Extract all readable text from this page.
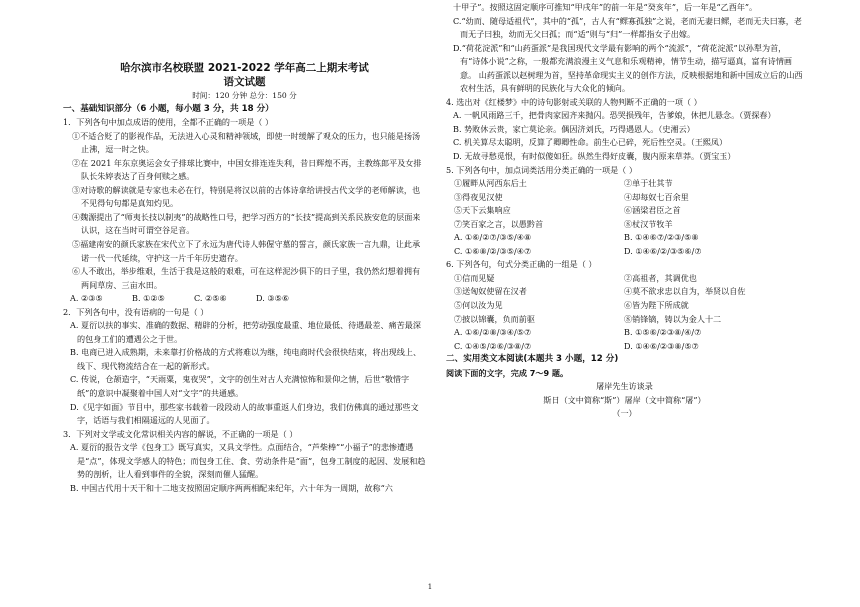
哈尔滨市名校联盟 2021-2022 学年高二上期末考试
语文试题
时间：120 分钟 总分：150 分
一、基础知识部分（6 小题，每小题 3 分，共 18 分）
1．下列各句中加点成语的使用，全都不正确的一项是（ ）
①不适合贬了的影视作品，无法进入心灵和精神领域，即使一时缓解了观众的压力，也只能是扬汤止沸，逗一时之快。
②在 2021 年东京奥运会女子排球比赛中，中国女排连连失利，昔日辉煌不再，主教练郎平及女排队长朱婷表达了百身何赎之感。
③对诗歌的解读就是专家也未必在行，特别是将汉以前的古体诗拿给讲授古代文学的老师解读，也不见得句句都是真知灼见。
④魏源提出了“师夷长技以制夷”的战略性口号，把学习西方的“长技”提高到关系民族安危的层面来认识，这在当时可谓空谷足音。
⑤福建南安的颜氏家族在宋代立下了永远为唐代诗人韩偓守墓的誓言，颜氏家族一言九鼎，让此承诺一代一代延续，守护这一片千年历史遗存。
⑥人不敢出，举步维艰，生活于我是这般的艰难，可在这样泥沙俱下的日子里，我仍然幻想着拥有两间草房、三亩水田。
A. ②③⑤	B. ①②⑤	C. ②⑤⑥	D. ③⑤⑥
2．下列各句中，没有语病的一句是（ ）
A. 夏衍以扶的事实、准确的数据、精辟的分析，把劳动强度最重、地位最低、待遇最差、痛苦最深的包身工们的遭遇公之于世。
B. 电商已进入成熟期，未来靠打价格战的方式将难以为继，纯电商时代会很快结束，将出现线上、线下、现代物流结合在一起的新形式。
C. 传说，仓颉造字，“天雨粟，鬼夜哭”，文字的创生对古人充满惊怖和景仰之情，后世“敬惜字纸”的意识中凝聚着中国人对“文字”的共通感。
D.《见字如面》节目中，那些家书载着一段段动人的故事重返人们身边，我们仿佛真的通过那些文字，话语与我们相隔遥远的人见面了。
3．下列对文学或文化常识相关内容的解说，不正确的一项是（ ）
A. 夏衍的报告文学《包身工》既写真实，又具文学性。点面结合，“芦柴棒”“小福子”的悲惨遭遇是“点”，体现文学感人的特色；而包身工住、食、劳动条件是“面”，包身工制度的起因、发展和趋势的剖析，让人看到事件的全貌，深刻而催人猛醒。
B. 中国古代用十天干和十二地支按照固定顺序两两相配来纪年，六十年为一周期，故称“六
十甲子”。按照这固定顺序可推知“甲戌年”的前一年是“癸亥年”，后一年是“乙酉年”。
C.“幼而、随母适祖代”，其中的“孤”，古人有“鳏寡孤独”之说，老而无妻曰鳏，老而无夫曰寡，老而无子曰独，幼而无父曰孤；而“适”则与“归”一样都指女子出嫁。
D.“荷花淀派”和“山药蛋派”是我国现代文学最有影响的两个“流派”，“荷花淀派”以孙犁为首，有“诗体小说”之称，一般都充满浪漫主义气息和乐观精神，情节生动，描写逼真，富有诗情画意。 山药蛋派以赵树理为首，坚持革命现实主义的创作方法，反映根据地和新中国成立后的山西农村生活，具有鲜明的民族化与大众化的倾向。
4. 选出对《红楼梦》中的诗句影射或关联的人物判断不正确的一项（ ）
A. 一帆风雨路三千，把骨肉家园齐来抛闪。恐哭损残年，告爹娘，休把儿悬念。（贾探春）
B. 势败休云贵，家亡莫论亲。偶因济刘氏，巧得遇恩人。（史湘云）
C. 机关算尽太聪明，反算了卿卿性命。前生心已碎，死后性空灵。（王熙凤）
D. 无故寻愁觅恨，有时似傻如狂。纵然生得好皮囊，腹内原来草莽。（贾宝玉）
5. 下列各句中，加点词类活用分类正确的一项是（ ）
①履畔从河西东后土	②单于壮其节
③得夜见汉使	④却每奴七百余里
⑤天下云集响应	⑥涵梁君臣之首
⑦笑百家之言，以愚黔首	⑧杖汉节牧羊
A. ①⑥/②⑦/③⑤/④⑧	B. ①④⑥⑦/②③/⑤⑧
C. ①⑥⑧/②/③⑤/④⑦	D. ①④⑥/②/③⑤⑥/⑦
6. 下列各句，句式分类正确的一组是（ ）
①信而见疑	②高祖者，其调优也
③送匈奴使留在汉者	④莫不欲求忠以自为，举贤以自佐
⑤何以汝为见	⑥皆为陛下所成就
⑦披以锦囊，负而前驱	⑧销锋镝，铸以为金人十二
A. ①⑥/②⑧/③④/⑤⑦	B. ①⑤⑥/②③⑧/④/⑦
C. ①④⑤/②⑥/③⑧/⑦	D. ①④⑥/②③⑧/⑤⑦
二、实用类文本阅读(本题共 3 小题，12 分)
阅读下面的文字，完成 7～9 题。
屠岸先生访谈录
斯日（文中简称“斯”）屠岸（文中简称“屠”）
（一）
1
